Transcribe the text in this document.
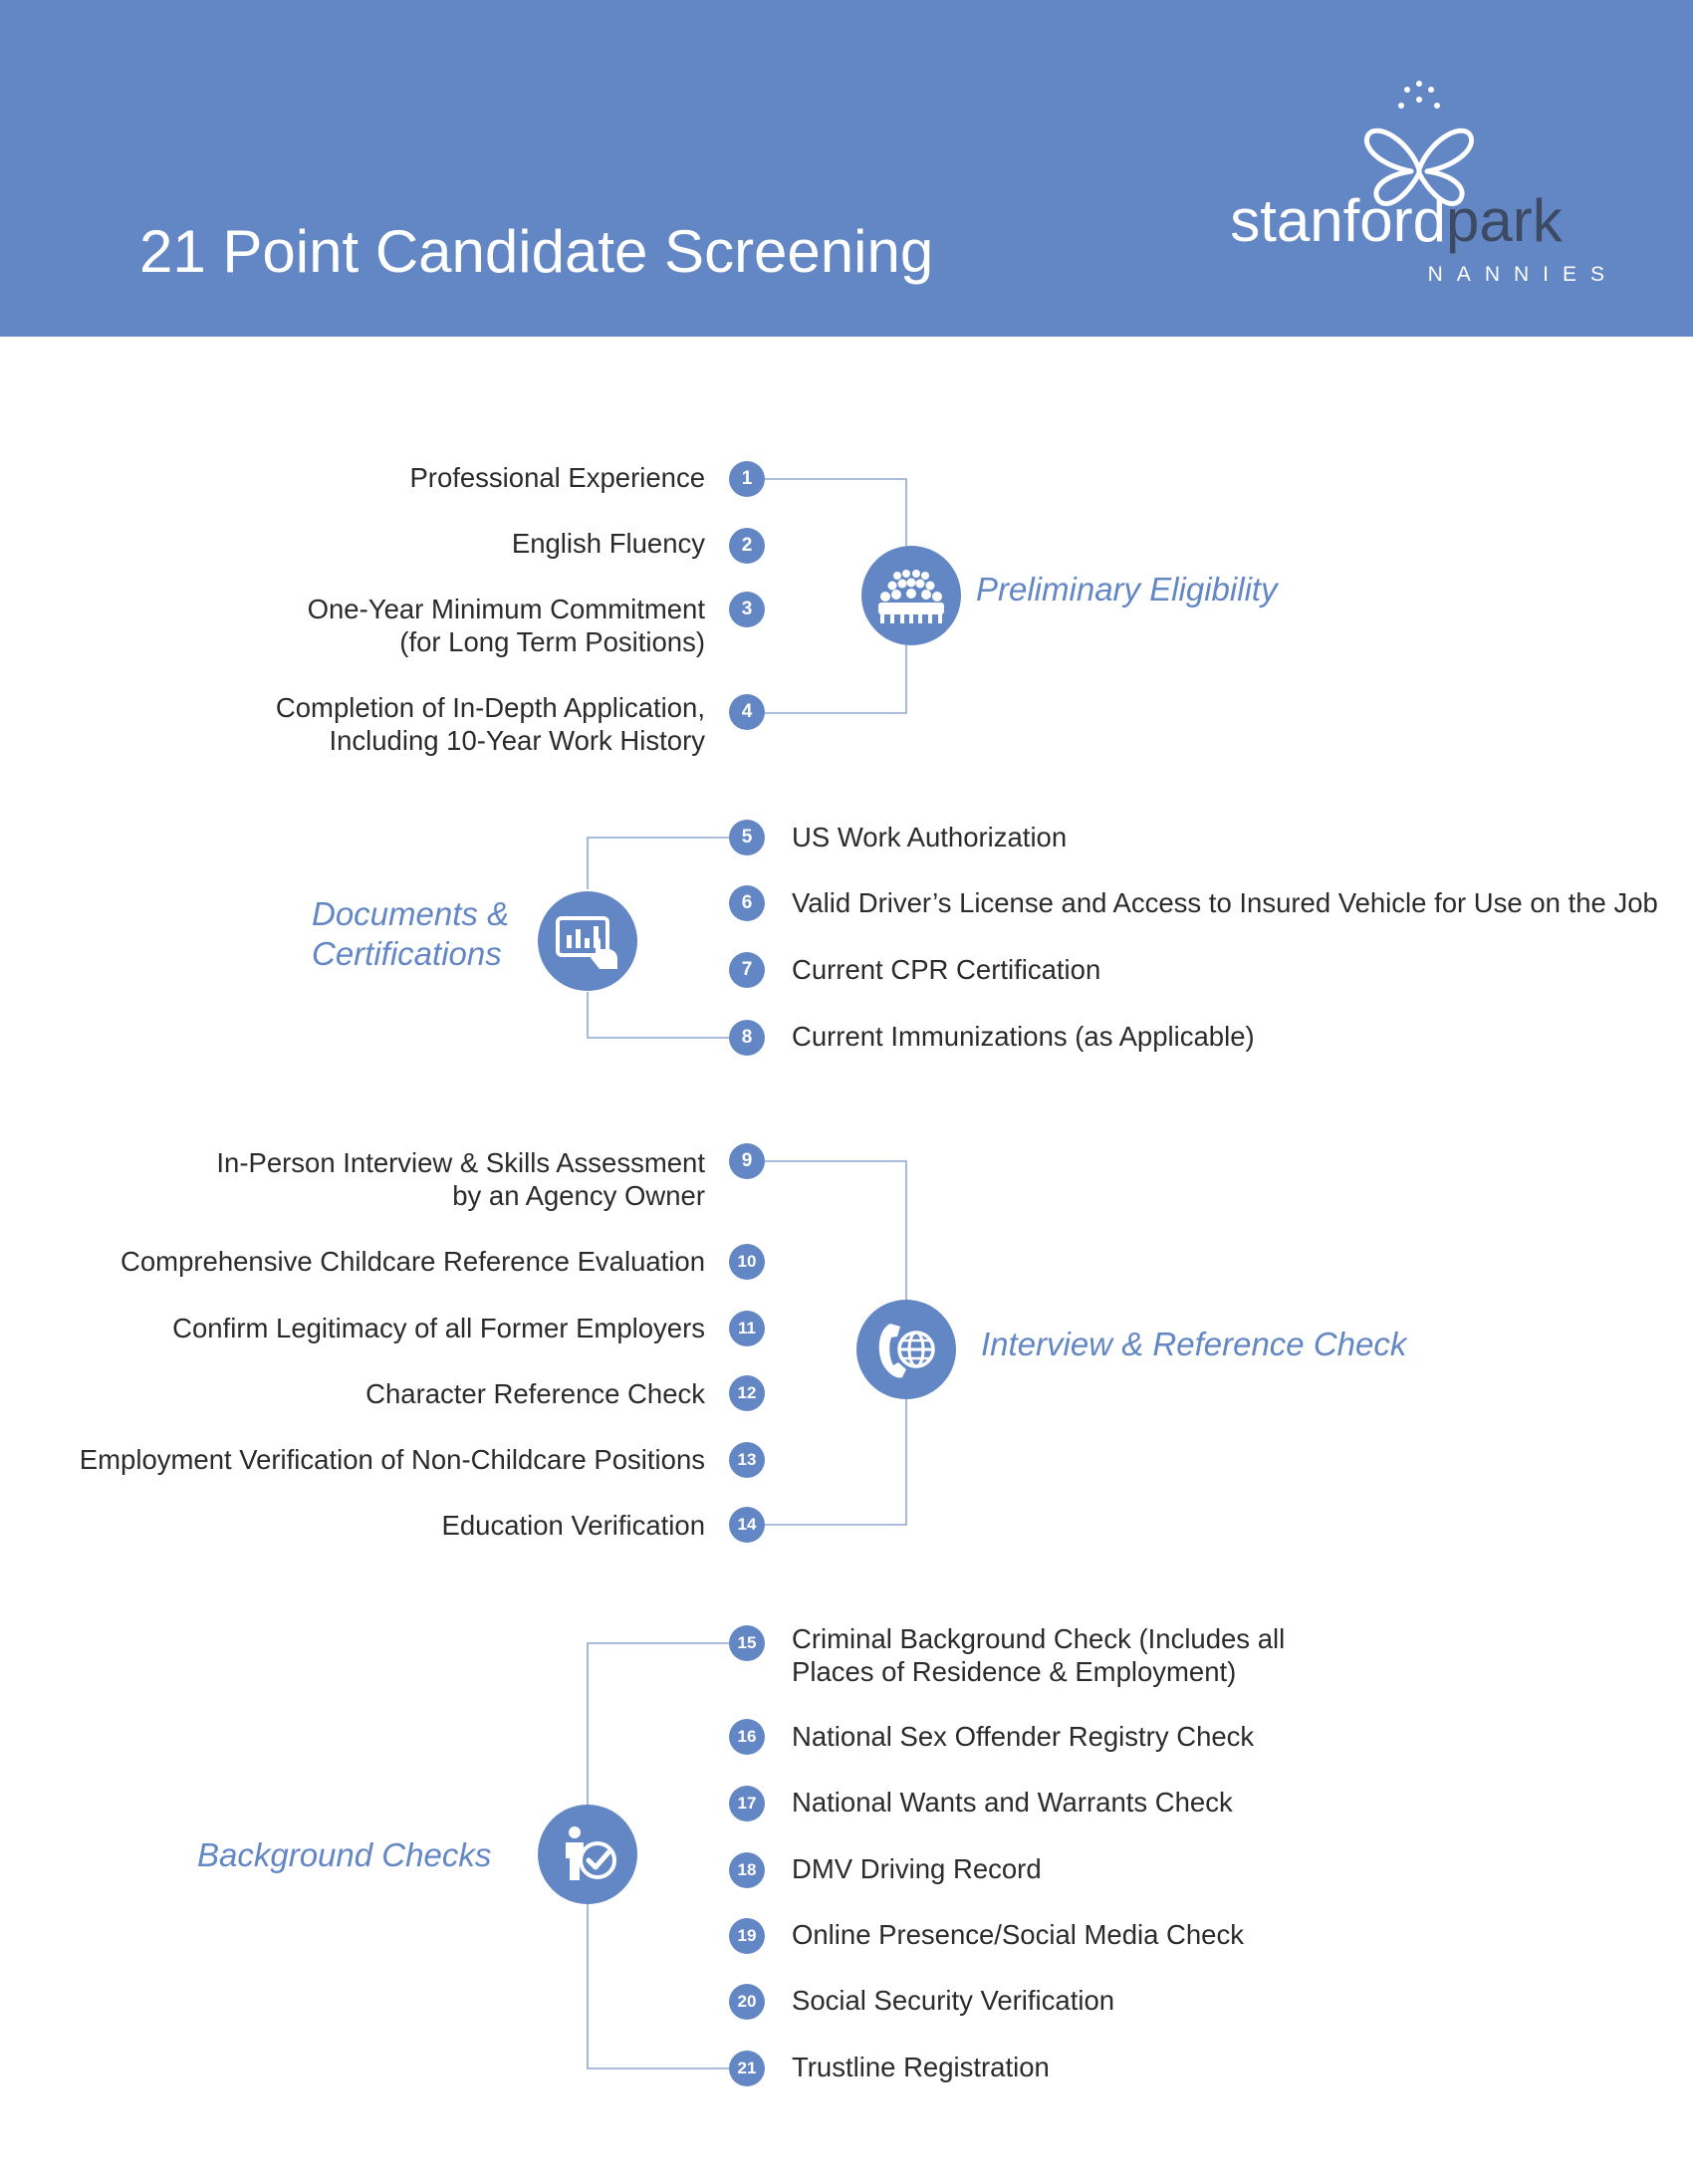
21 Point Candidate Screening	stanford park
NANNIES
Professional Experience	1
English Fluency	2
One-Year Minimum Commitment
(for Long Term Positions)
3
Completion of In-Depth Application,
Including 10-Year Work History
4
Preliminary Eligibility
5	US Work Authorization
6	Valid Driver’s License and Access to Insured Vehicle for Use on the Job
7	Current CPR Certification
8	Current Immunizations (as Applicable)
Documents &
Certifications
In-Person Interview & Skills Assessment
by an Agency Owner
9
Comprehensive Childcare Reference Evaluation	10
Confirm Legitimacy of all Former Employers	11
Character Reference Check	12
Employment Verification of Non-Childcare Positions	13
Education Verification	14
Interview & Reference Check
15	Criminal Background Check (Includes all
Places of Residence & Employment)
16	National Sex Offender Registry Check
17	National Wants and Warrants Check
18	DMV Driving Record
19	Online Presence/Social Media Check
20	Social Security Verification
21	Trustline Registration
Background Checks
